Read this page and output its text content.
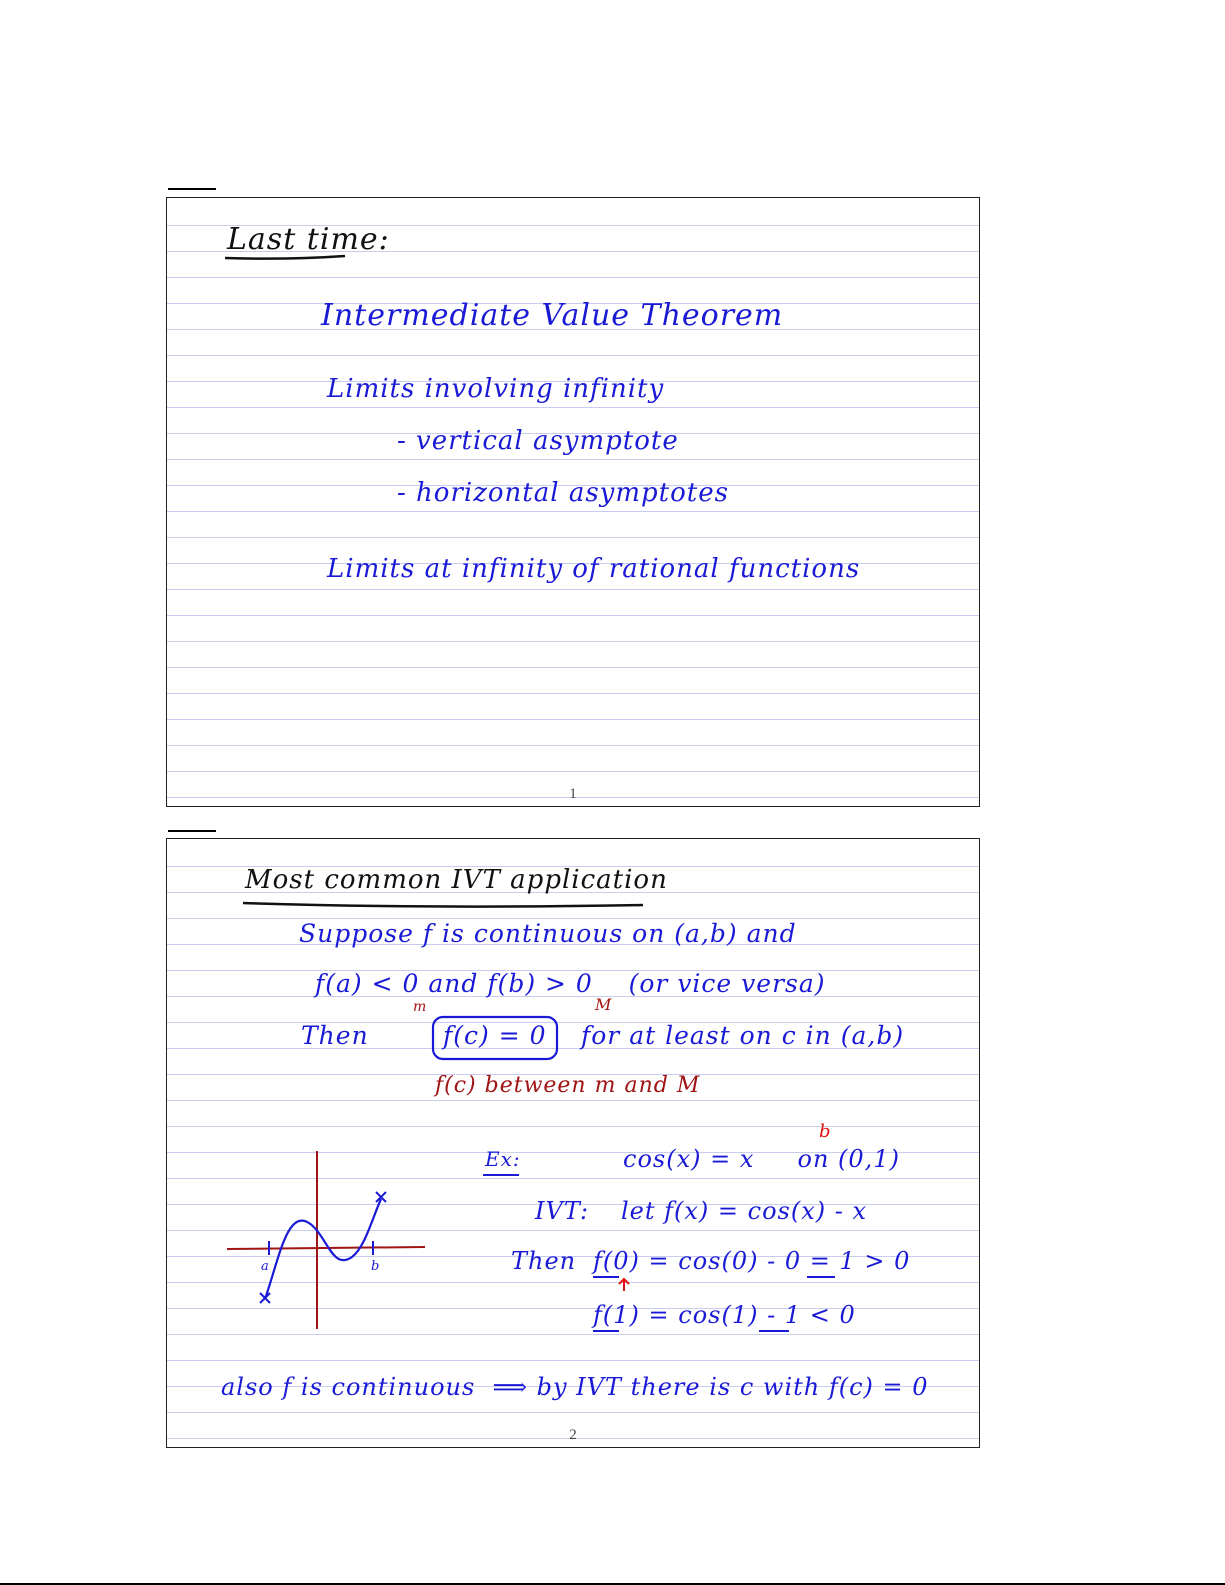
Last time:
Intermediate Value Theorem
Limits involving infinity
- vertical asymptote
- horizontal asymptotes
Limits at infinity of rational functions
1
Most common IVT application
Suppose f is continuous on (a,b) and
f(a) < 0 and f(b) > 0    (or vice versa)
m	M
Then	f(c) = 0 for at least on c in (a,b)
f(c) between m and M
Ex:	cos(x) = x     on (0,1)
b
IVT: let f(x) = cos(x) - x
Then f(0) = cos(0) - 0 = 1 > 0
f(1) = cos(1) - 1 < 0
a	b
also f is continuous  ⟹ by IVT there is c with f(c) = 0
2
